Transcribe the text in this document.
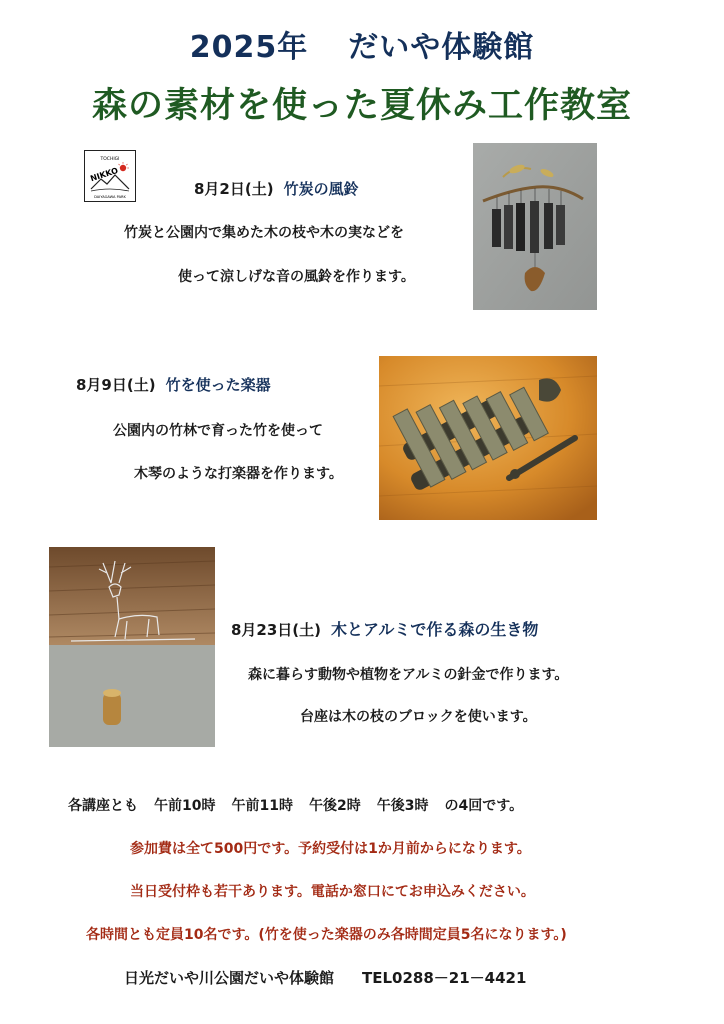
2025年 だいや体験館
森の素材を使った夏休み工作教室
TOCHIGI
NIKKO
DAIYAGAWA PARK	8月2日(土) 竹炭の風鈴
竹炭と公園内で集めた木の枝や木の実などを
使って涼しげな音の風鈴を作ります。
8月9日(土) 竹を使った楽器
公園内の竹林で育った竹を使って
木琴のような打楽器を作ります。
8月23日(土) 木とアルミで作る森の生き物
森に暮らす動物や植物をアルミの針金で作ります。
台座は木の枝のブロックを使います。
各講座とも 午前10時 午前11時 午後2時 午後3時 の4回です。
参加費は全て500円です。予約受付は1か月前からになります。
当日受付枠も若干あります。電話か窓口にてお申込みください。
各時間とも定員10名です。(竹を使った楽器のみ各時間定員5名になります。)
日光だいや川公園だいや体験館 TEL0288－21－4421
